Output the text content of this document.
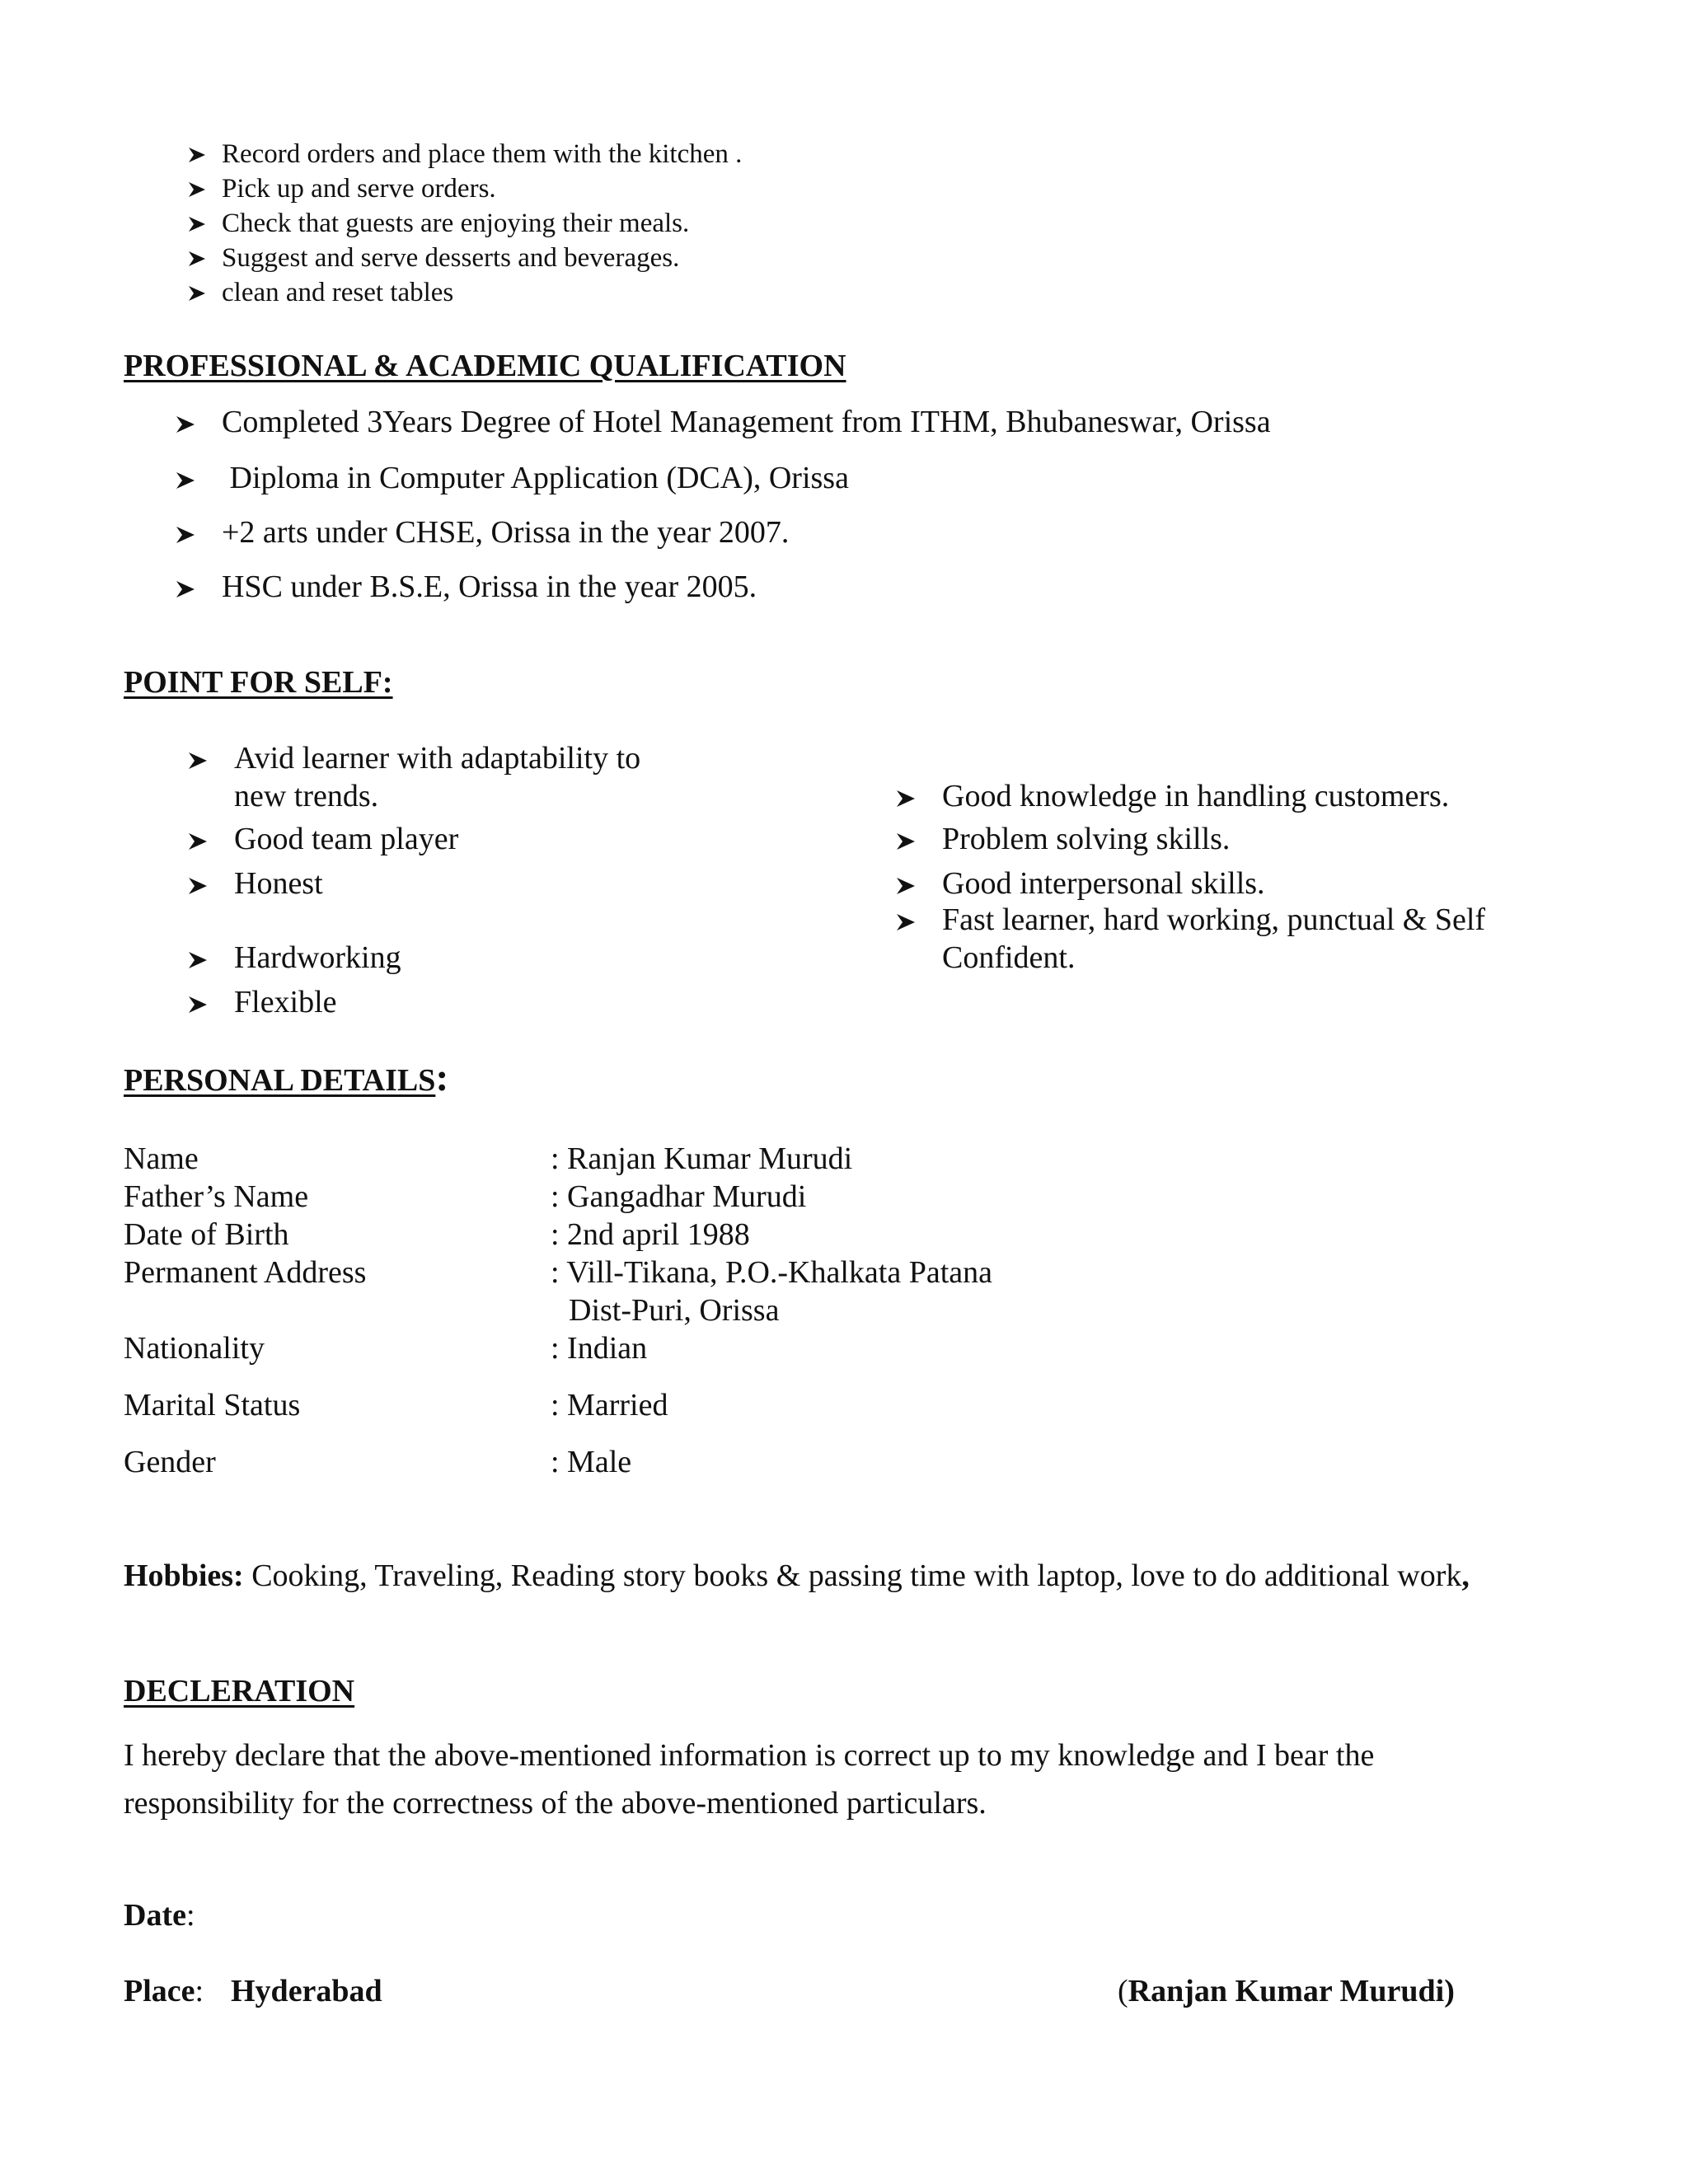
Record orders and place them with the kitchen .
Pick up and serve orders.
Check that guests are enjoying their meals.
Suggest and serve desserts and beverages.
clean and reset tables
PROFESSIONAL & ACADEMIC QUALIFICATION
Completed 3Years Degree of Hotel Management from ITHM, Bhubaneswar, Orissa
Diploma in Computer Application (DCA), Orissa
+2 arts under CHSE, Orissa in the year 2007.
HSC under B.S.E, Orissa in the year 2005.
POINT FOR SELF:
Avid learner with adaptability to
new trends.
Good team player
Honest
Hardworking
Flexible
Good knowledge in handling customers.
Problem solving skills.
Good interpersonal skills.
Fast learner, hard working, punctual & Self
Confident.
PERSONAL DETAILS:
Name	: Ranjan Kumar Murudi
Father’s Name	: Gangadhar Murudi
Date of Birth	: 2nd april 1988
Permanent Address	: Vill-Tikana, P.O.-Khalkata Patana
Dist-Puri, Orissa
Nationality	: Indian
Marital Status	: Married
Gender	: Male
Hobbies: Cooking, Traveling, Reading story books & passing time with laptop, love to do additional work,
DECLERATION
I hereby declare that the above-mentioned information is correct up to my knowledge and I bear the
responsibility for the correctness of the above-mentioned particulars.
Date:
Place: Hyderabad	(Ranjan Kumar Murudi)
